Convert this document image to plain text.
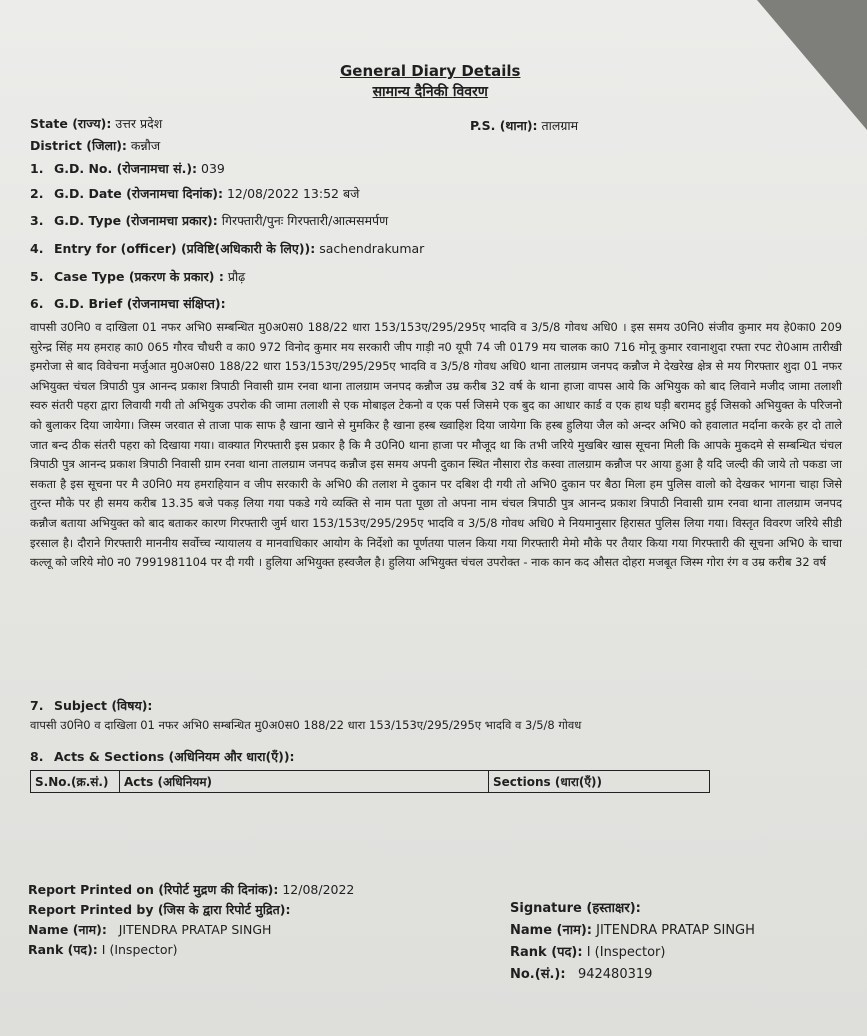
General Diary Details
सामान्य दैनिकी विवरण
State (राज्य): उत्तर प्रदेश
District (जिला): कन्नौज
P.S. (थाना): तालग्राम
1. G.D. No. (रोजनामचा सं.): 039
2. G.D. Date (रोजनामचा दिनांक): 12/08/2022 13:52 बजे
3. G.D. Type (रोजनामचा प्रकार): गिरफ्तारी/पुनः गिरफ्तारी/आत्मसमर्पण
4. Entry for (officer) (प्रविष्टि(अधिकारी के लिए)): sachendrakumar
5. Case Type (प्रकरण के प्रकार) : प्रौढ़
6. G.D. Brief (रोजनामचा संक्षिप्त):
वापसी उ0नि0 व दाखिला 01 नफर अभि0 सम्बन्धित मु0अ0स0 188/22 धारा 153/153ए/295/295ए भादवि व 3/5/8 गोवध अधि0 । इस समय उ0नि0 संजीव कुमार मय हे0का0 209 सुरेन्द्र सिंह मय हमराह का0 065 गौरव चौधरी व का0 972 विनोद कुमार मय सरकारी जीप गाड़ी न0 यूपी 74 जी 0179 मय चालक का0 716 मोनू कुमार रवानाशुदा रफ्ता रपट रो0आम तारीखी इमरोजा से बाद विवेचना मर्जुआत मु0अ0स0 188/22 धारा 153/153ए/295/295ए भादवि व 3/5/8 गोवध अधि0 थाना तालग्राम जनपद कन्नौज मे देखरेख क्षेत्र से मय गिरफ्तार शुदा 01 नफर अभियुक्त चंचल त्रिपाठी पुत्र आनन्द प्रकाश त्रिपाठी निवासी ग्राम रनवा थाना तालग्राम जनपद कन्नौज उम्र करीब 32 वर्ष के थाना हाजा वापस आये कि अभियुक को बाद लिवाने मजीद जामा तलाशी स्वरु संतरी पहरा द्वारा लिवायी गयी तो अभियुक उपरोक की जामा तलाशी से एक मोबाइल टेकनो व एक पर्स जिसमे एक बुद का आधार कार्ड व एक हाथ घड़ी बरामद हुई जिसको अभियुक्त के परिजनो को बुलाकर दिया जायेगा। जिस्म जरवात से ताजा पाक साफ है खाना खाने से मुमकिर है खाना हस्ब ख्वाहिश दिया जायेगा कि हस्ब हुलिया जैल को अन्दर अभि0 को हवालात मर्दाना करके हर दो ताले जात बन्द ठीक संतरी पहरा को दिखाया गया। वाक्यात गिरफ्तारी इस प्रकार है कि मै उ0नि0 थाना हाजा पर मौजूद था कि तभी जरिये मुखबिर खास सूचना मिली कि आपके मुकदमे से सम्बन्धित चंचल त्रिपाठी पुत्र आनन्द प्रकाश त्रिपाठी निवासी ग्राम रनवा थाना तालग्राम जनपद कन्नौज इस समय अपनी दुकान स्थित नौसारा रोड कस्वा तालग्राम कन्नौज पर आया हुआ है यदि जल्दी की जाये तो पकडा जा सकता है इस सूचना पर मै उ0नि0 मय हमराहियान व जीप सरकारी के अभि0 की तलाश मे दुकान पर दबिश दी गयी तो अभि0 दुकान पर बैठा मिला हम पुलिस वालो को देखकर भागना चाहा जिसे तुरन्त मौके पर ही समय करीब 13.35 बजे पकड़ लिया गया पकडे गये व्यक्ति से नाम पता पूछा तो अपना नाम चंचल त्रिपाठी पुत्र आनन्द प्रकाश त्रिपाठी निवासी ग्राम रनवा थाना तालग्राम जनपद कन्नौज बताया अभियुक्त को बाद बताकर कारण गिरफ्तारी जुर्म धारा 153/153ए/295/295ए भादवि व 3/5/8 गोवध अधि0 मे नियमानुसार हिरासत पुलिस लिया गया। विस्तृत विवरण जरिये सीडी इरसाल है। दौराने गिरफ्तारी माननीय सर्वोच्च न्यायालय व मानवाधिकार आयोग के निर्देशो का पूर्णतया पालन किया गया गिरफ्तारी मेमो मौके पर तैयार किया गया गिरफ्तारी की सूचना अभि0 के चाचा कल्लू को जरिये मो0 न0 7991981104 पर दी गयी । हुलिया अभियुक्त हस्वजैल है। हुलिया अभियुक्त चंचल उपरोक्त - नाक कान कद औसत दोहरा मजबूत जिस्म गोरा रंग व उम्र करीब 32 वर्ष
7. Subject (विषय):
वापसी उ0नि0 व दाखिला 01 नफर अभि0 सम्बन्धित मु0अ0स0 188/22 धारा 153/153ए/295/295ए भादवि व 3/5/8 गोवध
8. Acts & Sections (अधिनियम और धारा(एँ)):
S.No.(क्र.सं.)	Acts (अधिनियम)	Sections (धारा(एँ))
Report Printed on (रिपोर्ट मुद्रण की दिनांक): 12/08/2022
Report Printed by (जिस के द्वारा रिपोर्ट मुद्रित):
Name (नाम): JITENDRA PRATAP SINGH
Rank (पद): I (Inspector)
Signature (हस्ताक्षर):
Name (नाम): JITENDRA PRATAP SINGH
Rank (पद): I (Inspector)
No.(सं.): 942480319
